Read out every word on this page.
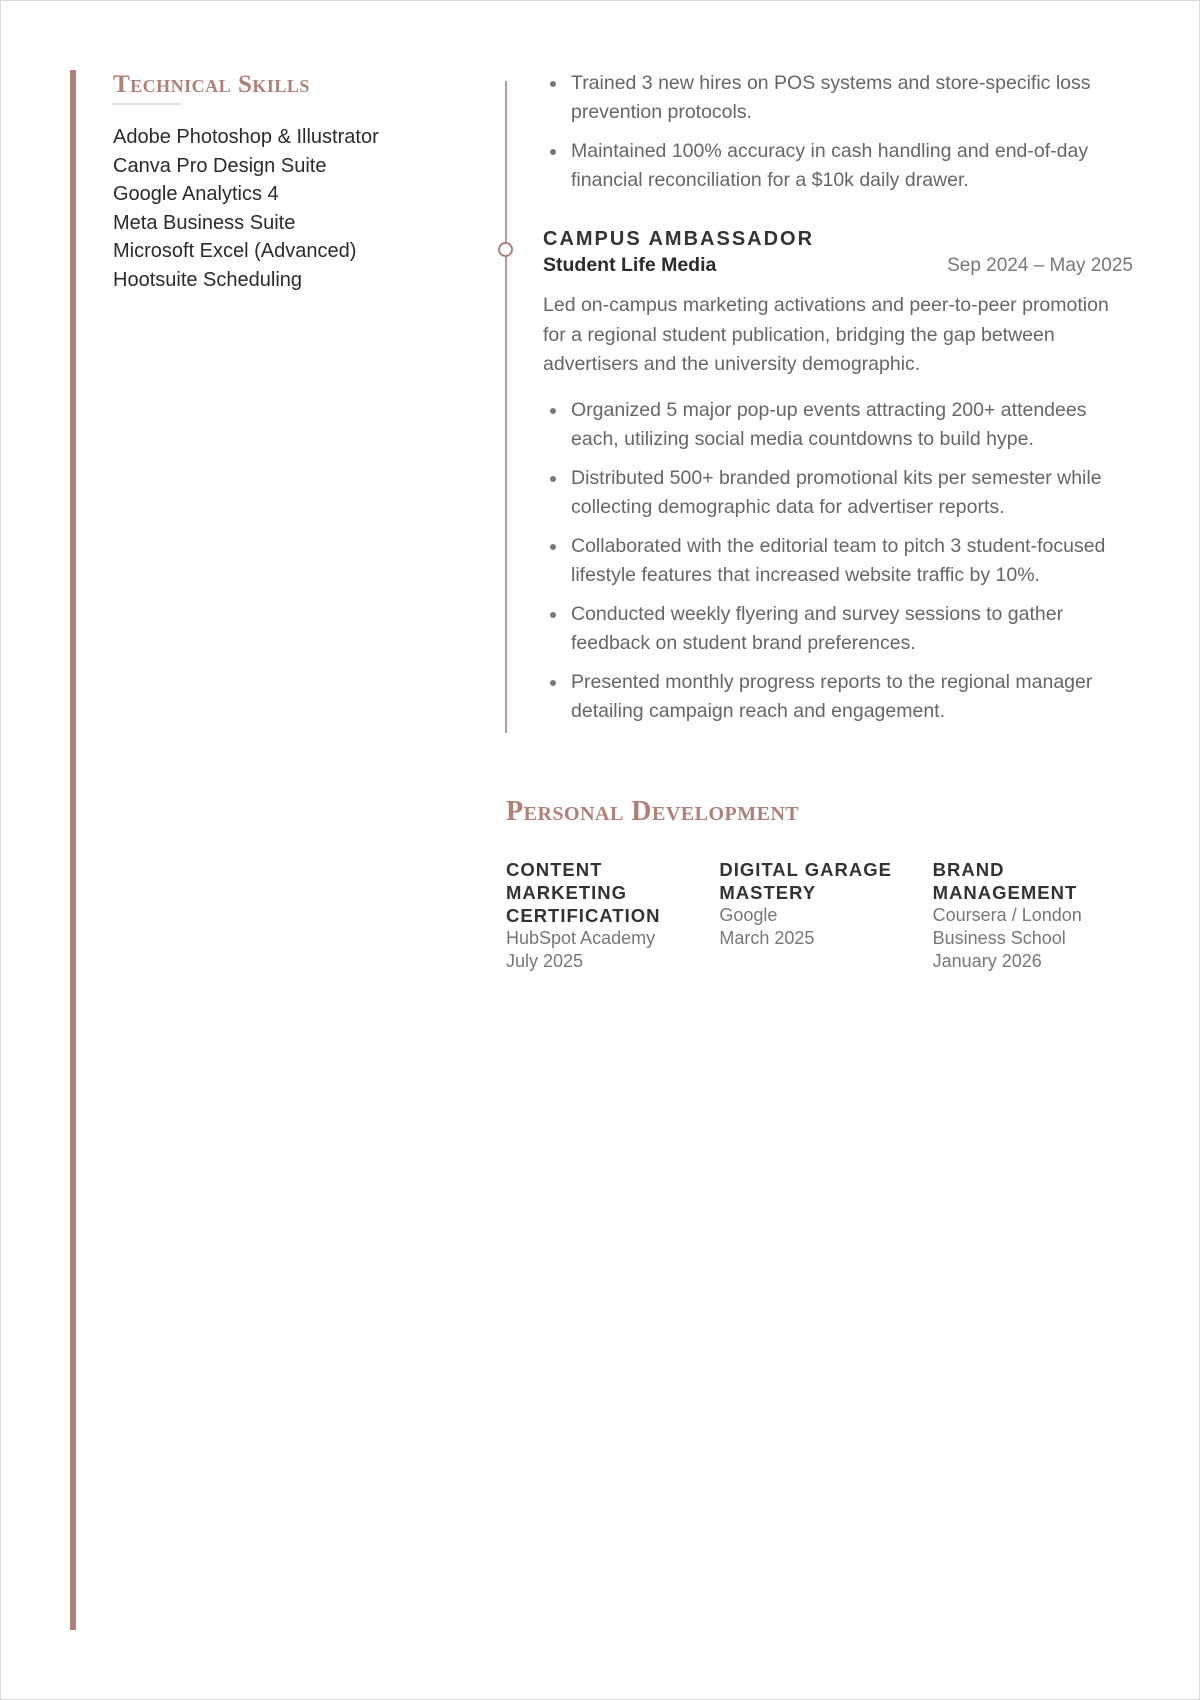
Technical Skills
Adobe Photoshop & Illustrator
Canva Pro Design Suite
Google Analytics 4
Meta Business Suite
Microsoft Excel (Advanced)
Hootsuite Scheduling
Trained 3 new hires on POS systems and store-specific loss prevention protocols.
Maintained 100% accuracy in cash handling and end-of-day financial reconciliation for a $10k daily drawer.
CAMPUS AMBASSADOR
Student Life Media	Sep 2024 – May 2025

Led on-campus marketing activations and peer-to-peer promotion for a regional student publication, bridging the gap between advertisers and the university demographic.

Organized 5 major pop-up events attracting 200+ attendees each, utilizing social media countdowns to build hype.
Distributed 500+ branded promotional kits per semester while collecting demographic data for advertiser reports.
Collaborated with the editorial team to pitch 3 student-focused lifestyle features that increased website traffic by 10%.
Conducted weekly flyering and survey sessions to gather feedback on student brand preferences.
Presented monthly progress reports to the regional manager detailing campaign reach and engagement.
Personal Development
CONTENT MARKETING CERTIFICATION
HubSpot Academy
July 2025
DIGITAL GARAGE MASTERY
Google
March 2025
BRAND MANAGEMENT
Coursera / London Business School
January 2026
